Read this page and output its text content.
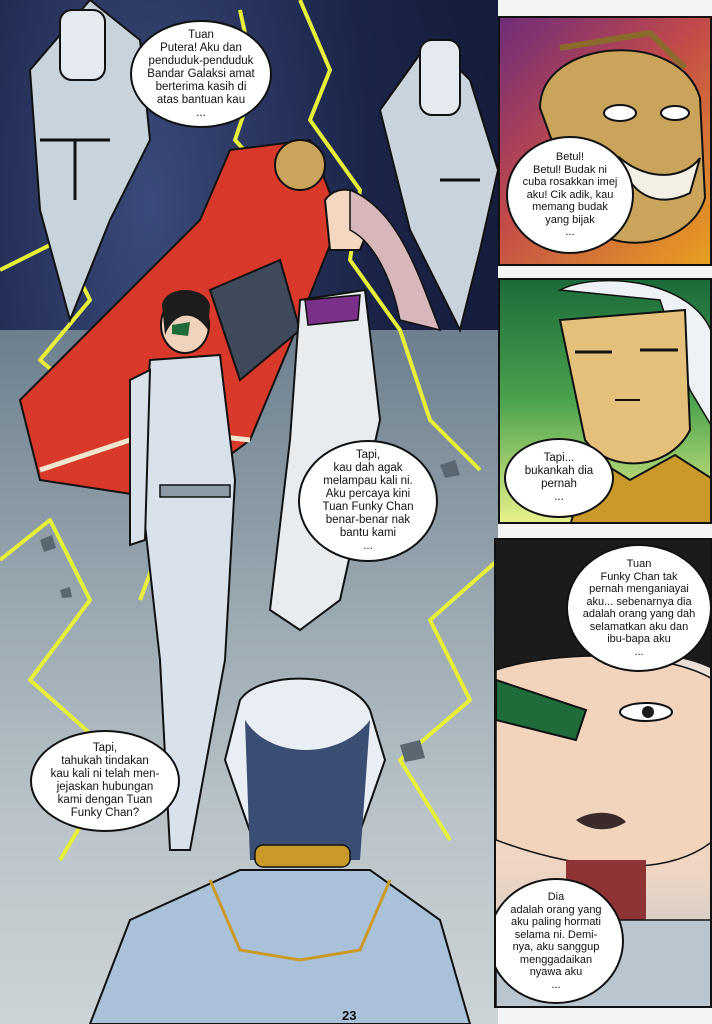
Tuan
Putera! Aku dan
penduduk-penduduk
Bandar Galaksi amat
berterima kasih di
atas bantuan kau
...
Tapi,
kau dah agak
melampau kali ni.
Aku percaya kini
Tuan Funky Chan
benar-benar nak
bantu kami
...
Tapi,
tahukah tindakan
kau kali ni telah men-
jejaskan hubungan
kami dengan Tuan
Funky Chan?
Betul!
Betul! Budak ni
cuba rosakkan imej
aku! Cik adik, kau
memang budak
yang bijak
...
Tapi...
bukankah dia
pernah
...
Tuan
Funky Chan tak
pernah menganiayai
aku... sebenarnya dia
adalah orang yang dah
selamatkan aku dan
ibu-bapa aku
...
Dia
adalah orang yang
aku paling hormati
selama ni. Demi-
nya, aku sanggup
menggadaikan
nyawa aku
...
23
